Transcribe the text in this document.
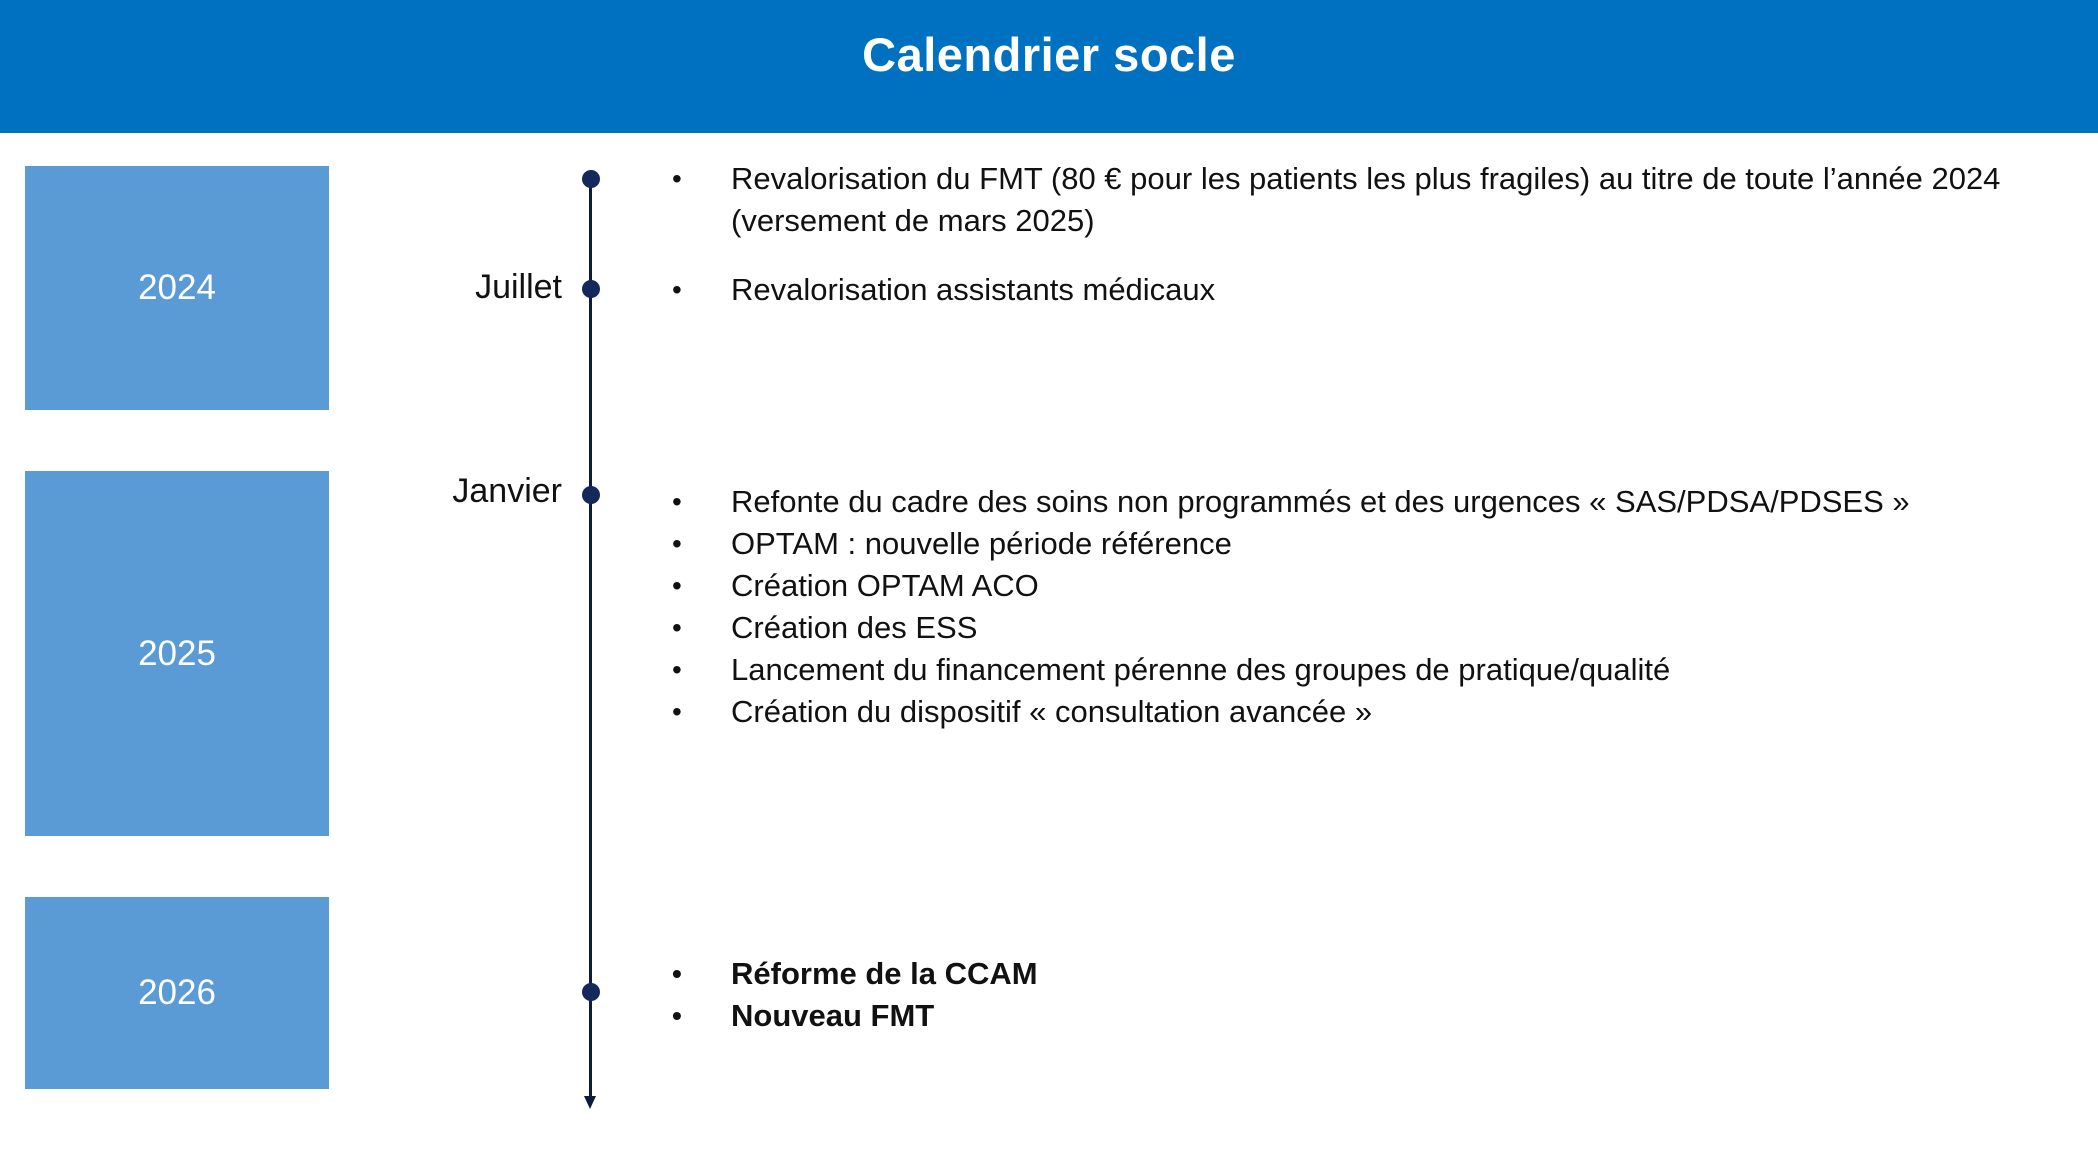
Calendrier socle
2024
2025
2026
Juillet
Janvier
• Revalorisation du FMT (80 € pour les patients les plus fragiles) au titre de toute l’année 2024 (versement de mars 2025)
• Revalorisation assistants médicaux
• Refonte du cadre des soins non programmés et des urgences « SAS/PDSA/PDSES »
• OPTAM : nouvelle période référence
• Création OPTAM ACO
• Création des ESS
• Lancement du financement pérenne des groupes de pratique/qualité
• Création du dispositif « consultation avancée »
• Réforme de la CCAM
• Nouveau FMT
